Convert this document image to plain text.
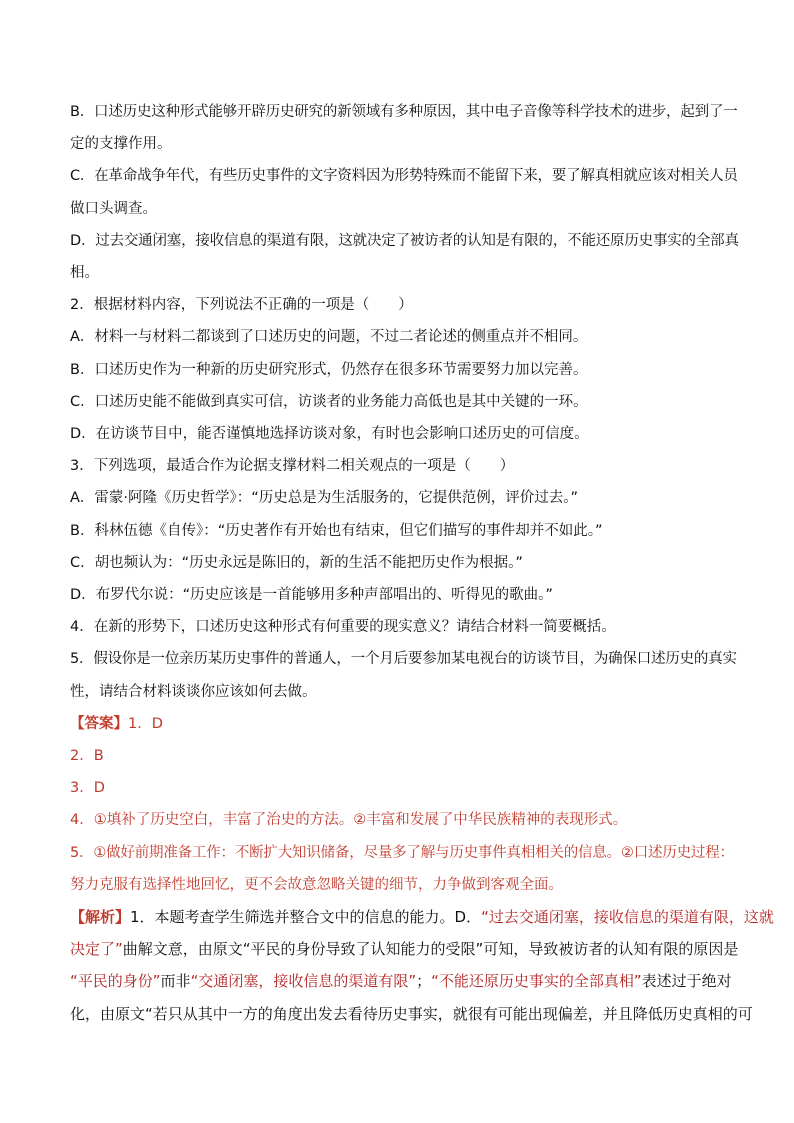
B．口述历史这种形式能够开辟历史研究的新领域有多种原因，其中电子音像等科学技术的进步，起到了一
定的支撑作用。
C．在革命战争年代，有些历史事件的文字资料因为形势特殊而不能留下来，要了解真相就应该对相关人员
做口头调查。
D．过去交通闭塞，接收信息的渠道有限，这就决定了被访者的认知是有限的，不能还原历史事实的全部真
相。
2．根据材料内容，下列说法不正确的一项是（　　）
A．材料一与材料二都谈到了口述历史的问题，不过二者论述的侧重点并不相同。
B．口述历史作为一种新的历史研究形式，仍然存在很多环节需要努力加以完善。
C．口述历史能不能做到真实可信，访谈者的业务能力高低也是其中关键的一环。
D．在访谈节目中，能否谨慎地选择访谈对象，有时也会影响口述历史的可信度。
3．下列选项，最适合作为论据支撑材料二相关观点的一项是（　　）
A．雷蒙·阿隆《历史哲学》：“历史总是为生活服务的，它提供范例，评价过去。”
B．科林伍德《自传》：“历史著作有开始也有结束，但它们描写的事件却并不如此。”
C．胡也频认为：“历史永远是陈旧的，新的生活不能把历史作为根据。”
D．布罗代尔说：“历史应该是一首能够用多种声部唱出的、听得见的歌曲。”
4．在新的形势下，口述历史这种形式有何重要的现实意义？请结合材料一简要概括。
5．假设你是一位亲历某历史事件的普通人，一个月后要参加某电视台的访谈节目，为确保口述历史的真实
性，请结合材料谈谈你应该如何去做。
【答案】1．D
2．B
3．D
4．①填补了历史空白，丰富了治史的方法。②丰富和发展了中华民族精神的表现形式。
5．①做好前期准备工作：不断扩大知识储备，尽量多了解与历史事件真相相关的信息。②口述历史过程：
努力克服有选择性地回忆，更不会故意忽略关键的细节，力争做到客观全面。
【解析】1．本题考查学生筛选并整合文中的信息的能力。D．“过去交通闭塞，接收信息的渠道有限，这就
决定了”曲解文意，由原文“平民的身份导致了认知能力的受限”可知，导致被访者的认知有限的原因是
“平民的身份”而非“交通闭塞，接收信息的渠道有限”；“不能还原历史事实的全部真相”表述过于绝对
化，由原文“若只从其中一方的角度出发去看待历史事实，就很有可能出现偏差，并且降低历史真相的可
